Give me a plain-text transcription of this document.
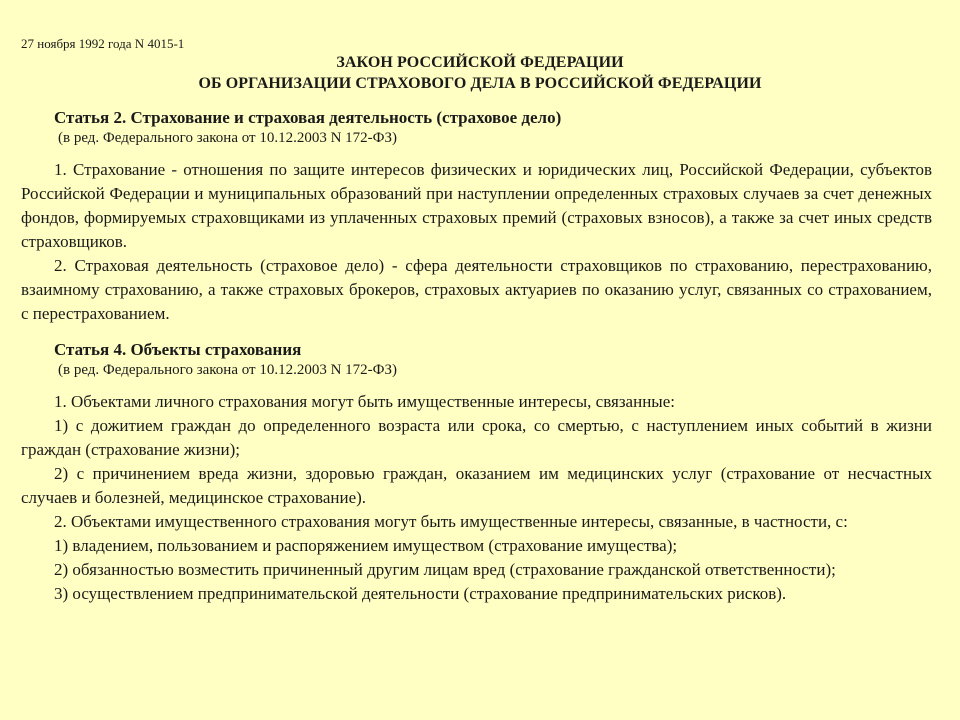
27 ноября 1992 года N 4015-1
ЗАКОН РОССИЙСКОЙ ФЕДЕРАЦИИ
ОБ ОРГАНИЗАЦИИ СТРАХОВОГО ДЕЛА В РОССИЙСКОЙ ФЕДЕРАЦИИ
Статья 2. Страхование и страховая деятельность (страховое дело)
(в ред. Федерального закона от 10.12.2003 N 172-ФЗ)

1. Страхование - отношения по защите интересов физических и юридических лиц, Российской Федерации, субъектов Российской Федерации и муниципальных образований при наступлении определенных страховых случаев за счет денежных фондов, формируемых страховщиками из уплаченных страховых премий (страховых взносов), а также за счет иных средств страховщиков.

2. Страховая деятельность (страховое дело) - сфера деятельности страховщиков по страхованию, перестрахованию, взаимному страхованию, а также страховых брокеров, страховых актуариев по оказанию услуг, связанных со страхованием, с перестрахованием.

Статья 4. Объекты страхования
(в ред. Федерального закона от 10.12.2003 N 172-ФЗ)

1. Объектами личного страхования могут быть имущественные интересы, связанные:

1) с дожитием граждан до определенного возраста или срока, со смертью, с наступлением иных событий в жизни граждан (страхование жизни);

2) с причинением вреда жизни, здоровью граждан, оказанием им медицинских услуг (страхование от несчастных случаев и болезней, медицинское страхование).

2. Объектами имущественного страхования могут быть имущественные интересы, связанные, в частности, с:

1) владением, пользованием и распоряжением имуществом (страхование имущества);

2) обязанностью возместить причиненный другим лицам вред (страхование гражданской ответственности);

3) осуществлением предпринимательской деятельности (страхование предпринимательских рисков).
